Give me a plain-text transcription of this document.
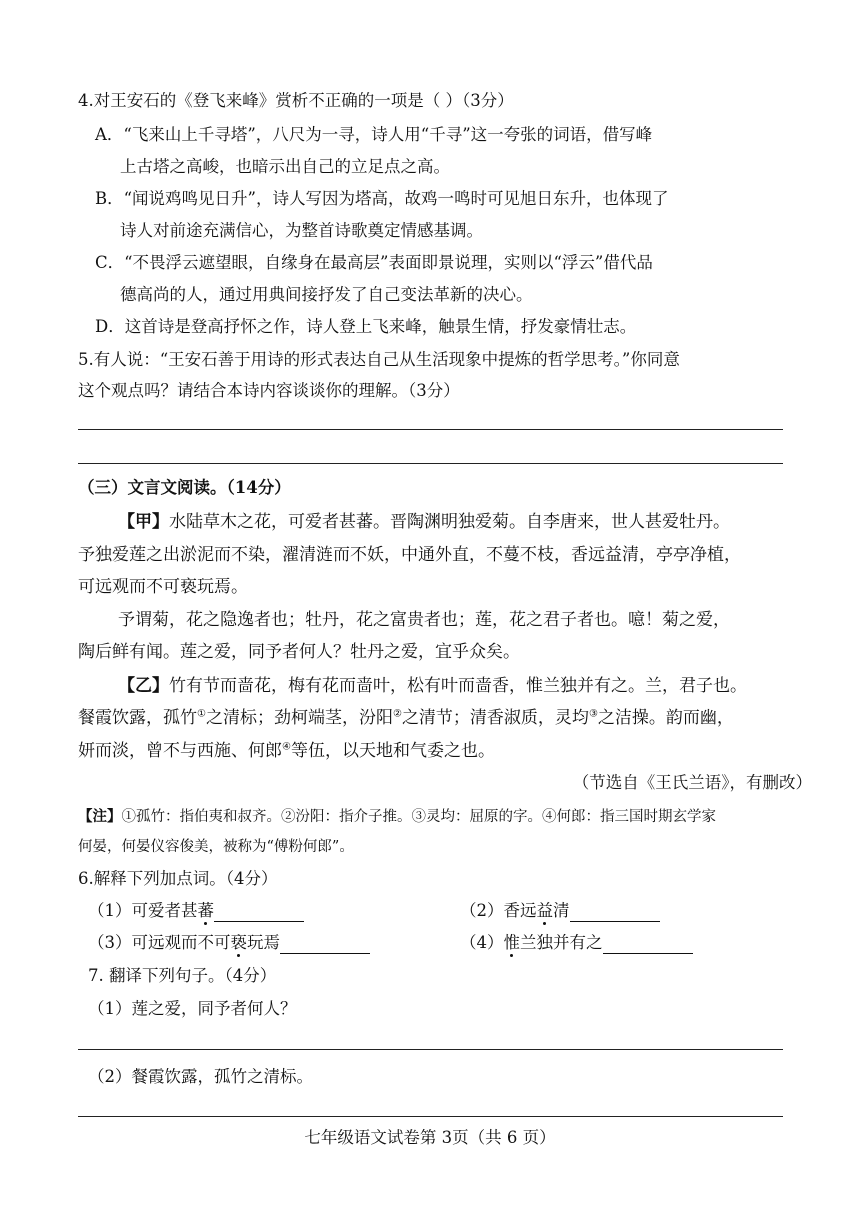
4.对王安石的《登飞来峰》赏析不正确的一项是（ ）（3分）
A．“飞来山上千寻塔”，八尺为一寻，诗人用“千寻”这一夸张的词语，借写峰
上古塔之高峻，也暗示出自己的立足点之高。
B．“闻说鸡鸣见日升”，诗人写因为塔高，故鸡一鸣时可见旭日东升，也体现了
诗人对前途充满信心，为整首诗歌奠定情感基调。
C．“不畏浮云遮望眼，自缘身在最高层”表面即景说理，实则以“浮云”借代品
德高尚的人，通过用典间接抒发了自己变法革新的决心。
D．这首诗是登高抒怀之作，诗人登上飞来峰，触景生情，抒发豪情壮志。
5.有人说：“王安石善于用诗的形式表达自己从生活现象中提炼的哲学思考。”你同意
这个观点吗？请结合本诗内容谈谈你的理解。（3分）
（三）文言文阅读。（14分）
【甲】水陆草木之花，可爱者甚蕃。晋陶渊明独爱菊。自李唐来，世人甚爱牡丹。
予独爱莲之出淤泥而不染，濯清涟而不妖，中通外直，不蔓不枝，香远益清，亭亭净植，
可远观而不可亵玩焉。
予谓菊，花之隐逸者也；牡丹，花之富贵者也；莲，花之君子者也。噫！菊之爱，
陶后鲜有闻。莲之爱，同予者何人？牡丹之爱，宜乎众矣。
【乙】竹有节而啬花，梅有花而啬叶，松有叶而啬香，惟兰独并有之。兰，君子也。
餐霞饮露，孤竹①之清标；劲柯端茎，汾阳②之清节；清香淑质，灵均③之洁操。韵而幽，
妍而淡，曾不与西施、何郎④等伍，以天地和气委之也。
（节选自《王氏兰语》，有删改）
【注】①孤竹：指伯夷和叔齐。②汾阳：指介子推。③灵均：屈原的字。④何郎：指三国时期玄学家
何晏，何晏仪容俊美，被称为“傅粉何郎”。
6.解释下列加点词。（4分）
（1）可爱者甚蕃	（2）香远益清
（3）可远观而不可亵玩焉	（4）惟兰独并有之
7. 翻译下列句子。（4分）
（1）莲之爱，同予者何人？
（2）餐霞饮露，孤竹之清标。
七年级语文试卷第 3页（共 6 页）
